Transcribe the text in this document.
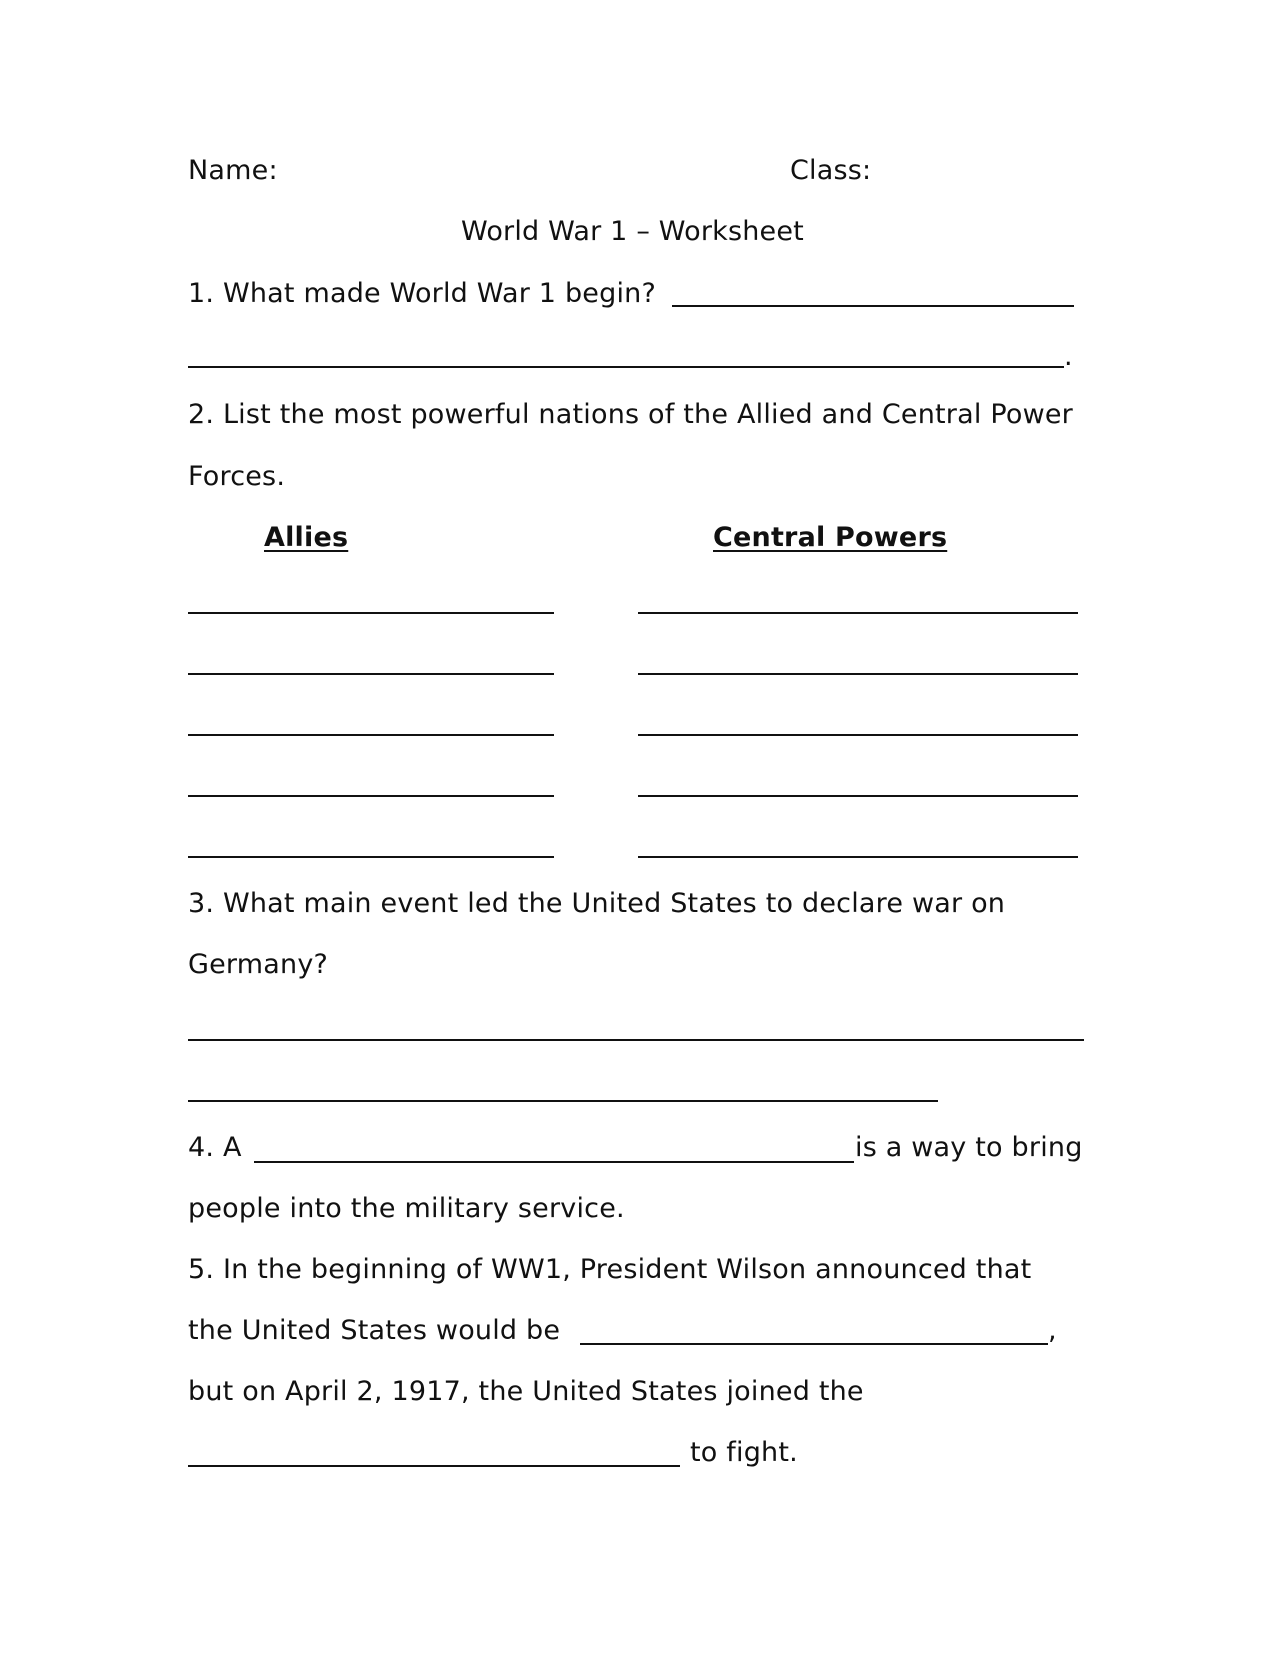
Name:	Class:
World War 1 – Worksheet
1. What made World War 1 begin?
.
2. List the most powerful nations of the Allied and Central Power
Forces.
Allies	Central Powers
3. What main event led the United States to declare war on
Germany?
4. A	is a way to bring
people into the military service.
5. In the beginning of WW1, President Wilson announced that
the United States would be	,
but on April 2, 1917, the United States joined the
to fight.
